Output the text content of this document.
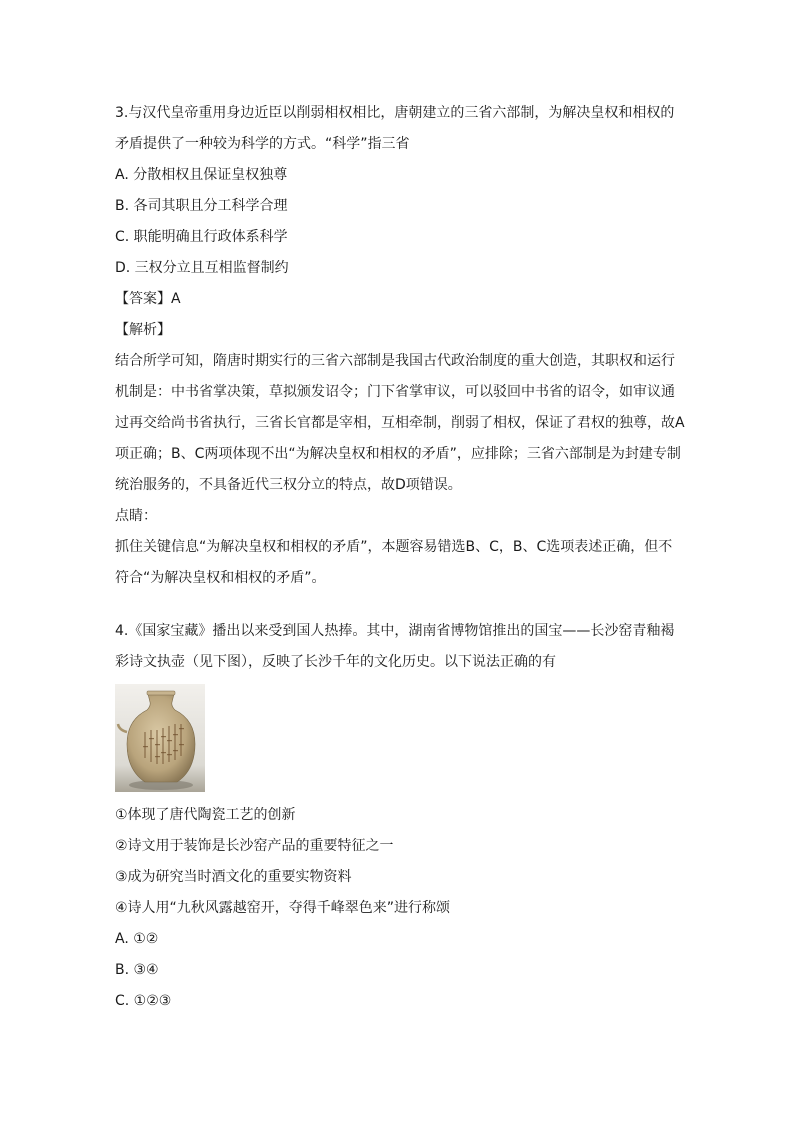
3.与汉代皇帝重用身边近臣以削弱相权相比，唐朝建立的三省六部制，为解决皇权和相权的
矛盾提供了一种较为科学的方式。“科学”指三省
A. 分散相权且保证皇权独尊
B. 各司其职且分工科学合理
C. 职能明确且行政体系科学
D. 三权分立且互相监督制约
【答案】A
【解析】
结合所学可知，隋唐时期实行的三省六部制是我国古代政治制度的重大创造，其职权和运行
机制是：中书省掌决策，草拟颁发诏令；门下省掌审议，可以驳回中书省的诏令，如审议通
过再交给尚书省执行，三省长官都是宰相，互相牵制，削弱了相权，保证了君权的独尊，故A
项正确；B、C两项体现不出“为解决皇权和相权的矛盾”，应排除；三省六部制是为封建专制
统治服务的，不具备近代三权分立的特点，故D项错误。
点睛：
抓住关键信息“为解决皇权和相权的矛盾”，本题容易错选B、C，B、C选项表述正确，但不
符合“为解决皇权和相权的矛盾”。
4.《国家宝藏》播出以来受到国人热捧。其中，湖南省博物馆推出的国宝——长沙窑青釉褐
彩诗文执壶（见下图），反映了长沙千年的文化历史。以下说法正确的有
①体现了唐代陶瓷工艺的创新
②诗文用于装饰是长沙窑产品的重要特征之一
③成为研究当时酒文化的重要实物资料
④诗人用“九秋风露越窑开，夺得千峰翠色来”进行称颂
A. ①②
B. ③④
C. ①②③
